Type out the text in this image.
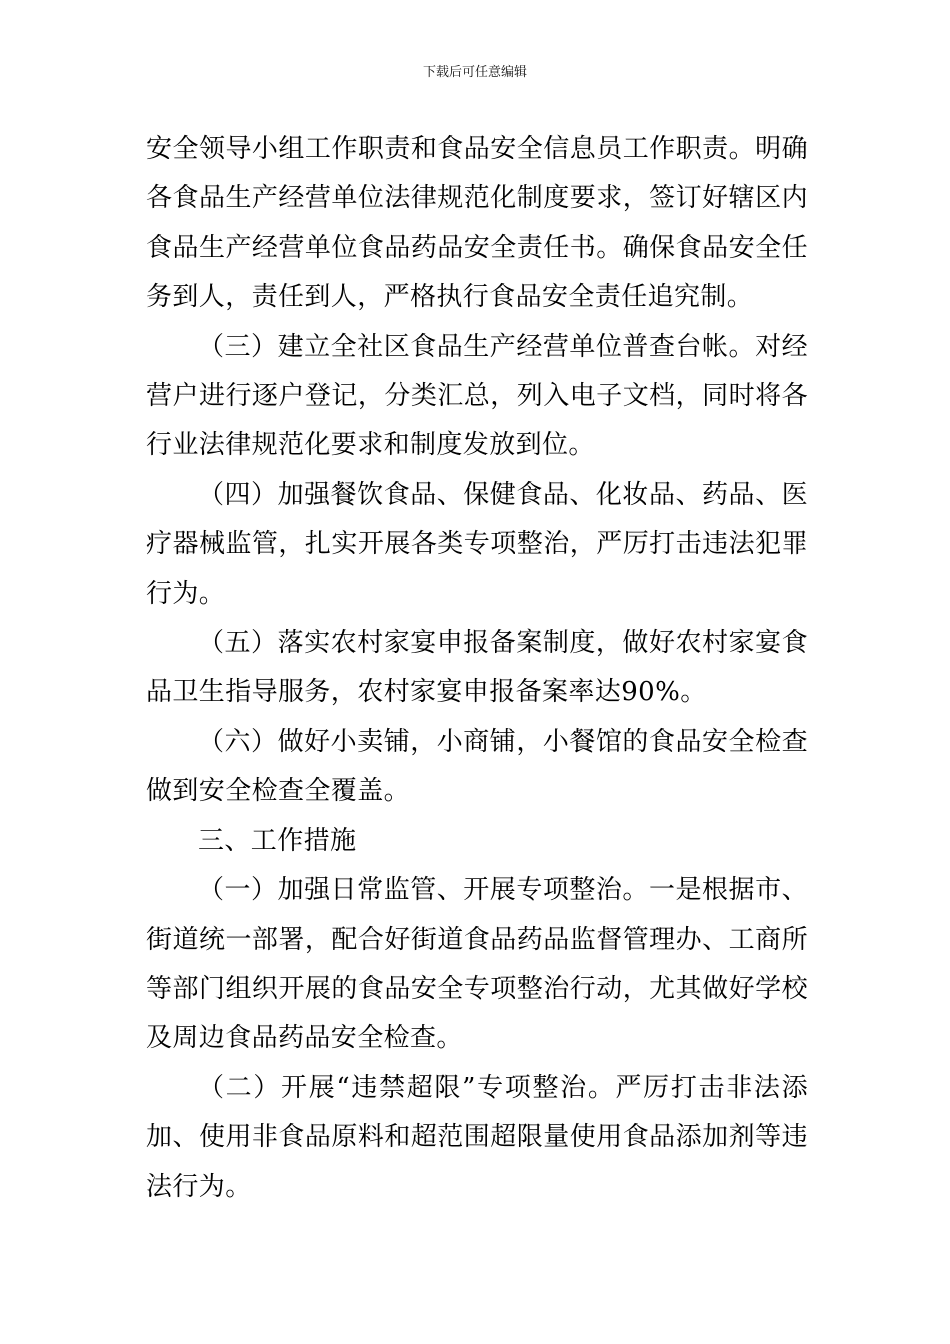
下载后可任意编辑

安全领导小组工作职责和食品安全信息员工作职责。明确各食品生产经营单位法律规范化制度要求，签订好辖区内食品生产经营单位食品药品安全责任书。确保食品安全任务到人，责任到人，严格执行食品安全责任追究制。

（三）建立全社区食品生产经营单位普查台帐。对经营户进行逐户登记，分类汇总，列入电子文档，同时将各行业法律规范化要求和制度发放到位。

（四）加强餐饮食品、保健食品、化妆品、药品、医疗器械监管，扎实开展各类专项整治，严厉打击违法犯罪行为。

（五）落实农村家宴申报备案制度，做好农村家宴食品卫生指导服务，农村家宴申报备案率达90%。

（六）做好小卖铺，小商铺，小餐馆的食品安全检查做到安全检查全覆盖。

三、工作措施

（一）加强日常监管、开展专项整治。一是根据市、街道统一部署，配合好街道食品药品监督管理办、工商所等部门组织开展的食品安全专项整治行动，尤其做好学校及周边食品药品安全检查。

（二）开展“违禁超限”专项整治。严厉打击非法添加、使用非食品原料和超范围超限量使用食品添加剂等违法行为。
